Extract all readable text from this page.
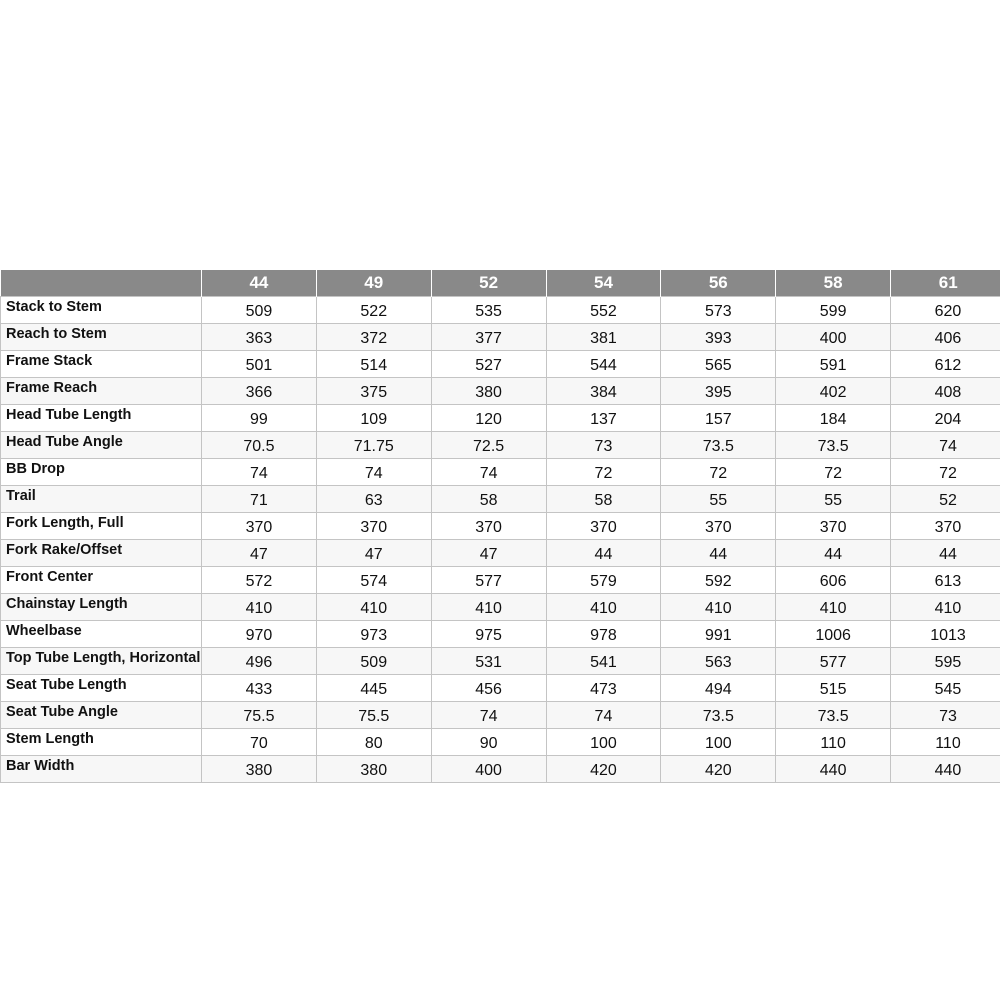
	44	49	52	54	56	58	61
Stack to Stem	509	522	535	552	573	599	620
Reach to Stem	363	372	377	381	393	400	406
Frame Stack	501	514	527	544	565	591	612
Frame Reach	366	375	380	384	395	402	408
Head Tube Length	99	109	120	137	157	184	204
Head Tube Angle	70.5	71.75	72.5	73	73.5	73.5	74
BB Drop	74	74	74	72	72	72	72
Trail	71	63	58	58	55	55	52
Fork Length, Full	370	370	370	370	370	370	370
Fork Rake/Offset	47	47	47	44	44	44	44
Front Center	572	574	577	579	592	606	613
Chainstay Length	410	410	410	410	410	410	410
Wheelbase	970	973	975	978	991	1006	1013
Top Tube Length, Horizontal	496	509	531	541	563	577	595
Seat Tube Length	433	445	456	473	494	515	545
Seat Tube Angle	75.5	75.5	74	74	73.5	73.5	73
Stem Length	70	80	90	100	100	110	110
Bar Width	380	380	400	420	420	440	440
